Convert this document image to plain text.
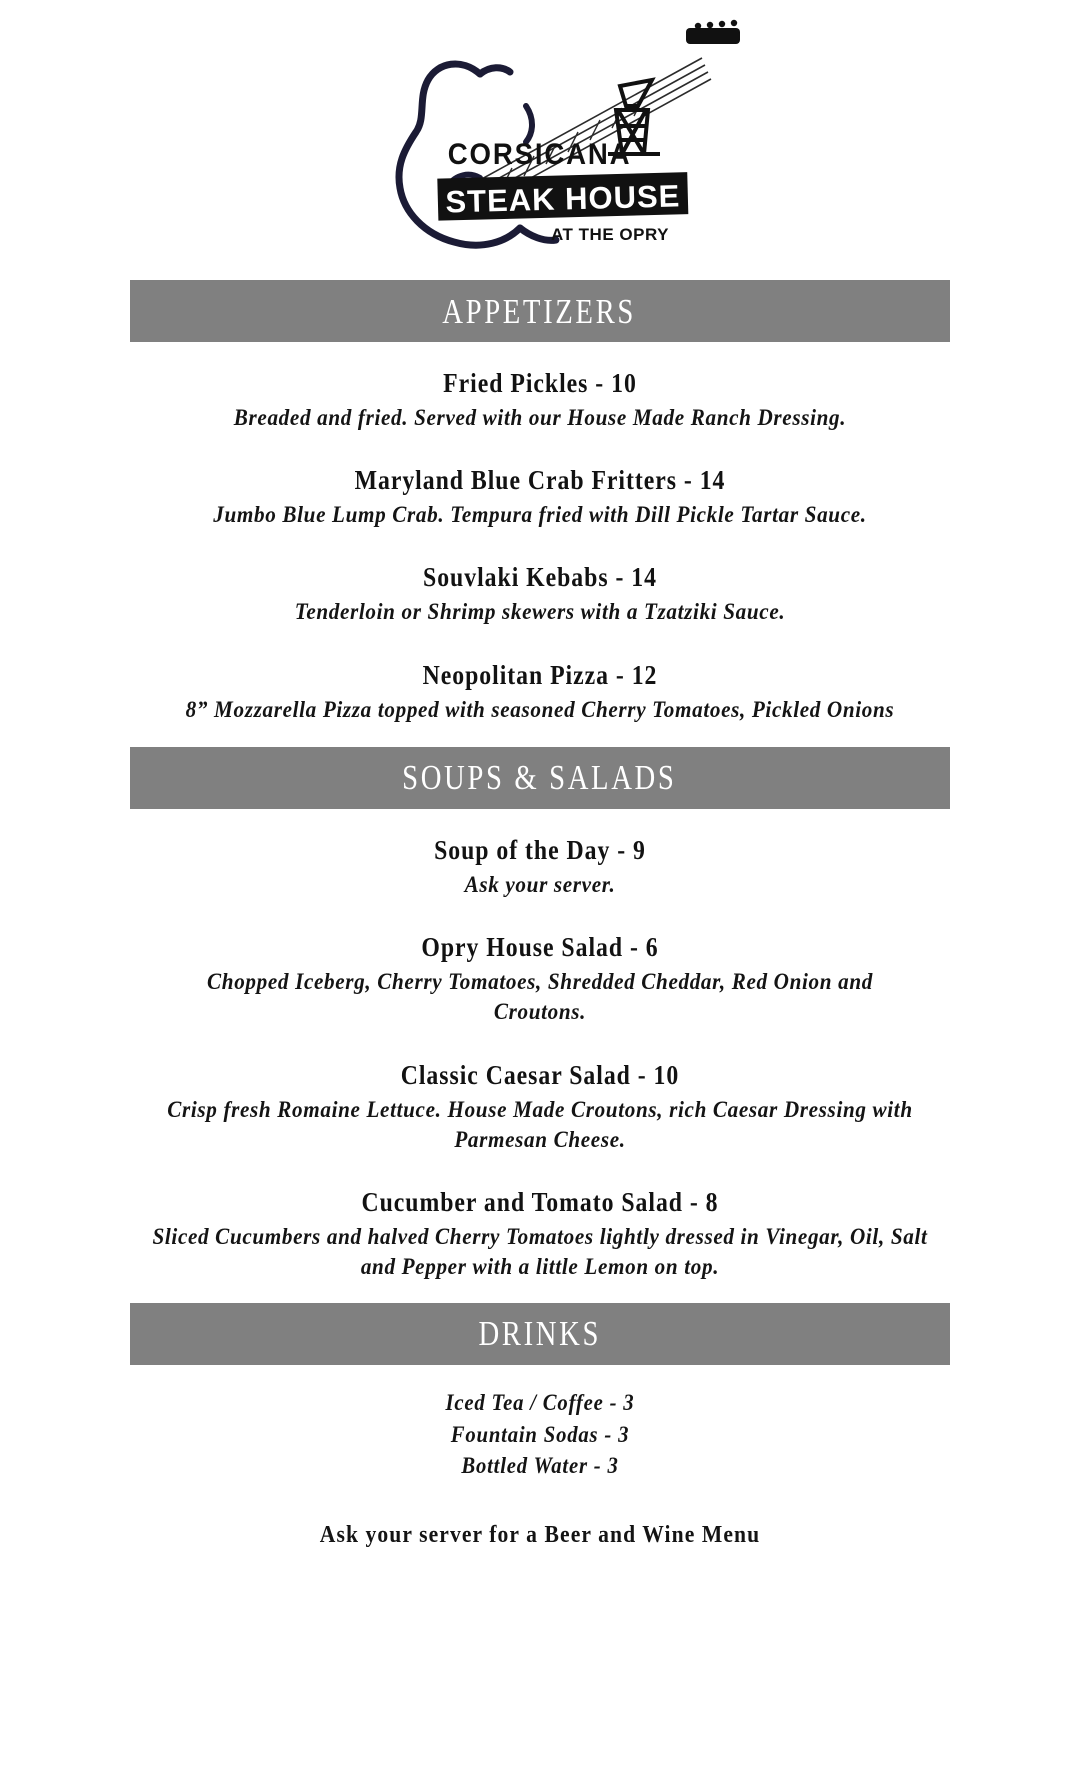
CORSICANA
STEAK HOUSE
AT THE OPRY
APPETIZERS
Fried Pickles - 10
Breaded and fried. Served with our House Made Ranch Dressing.
Maryland Blue Crab Fritters - 14
Jumbo Blue Lump Crab. Tempura fried with Dill Pickle Tartar Sauce.
Souvlaki Kebabs - 14
Tenderloin or Shrimp skewers with a Tzatziki Sauce.
Neopolitan Pizza - 12
8” Mozzarella Pizza topped with seasoned Cherry Tomatoes, Pickled Onions
SOUPS & SALADS
Soup of the Day - 9
Ask your server.
Opry House Salad - 6
Chopped Iceberg, Cherry Tomatoes, Shredded Cheddar, Red Onion and Croutons.
Classic Caesar Salad - 10
Crisp fresh Romaine Lettuce. House Made Croutons, rich Caesar Dressing with Parmesan Cheese.
Cucumber and Tomato Salad - 8
Sliced Cucumbers and halved Cherry Tomatoes lightly dressed in Vinegar, Oil, Salt and Pepper with a little Lemon on top.
DRINKS
Iced Tea / Coffee - 3
Fountain Sodas - 3
Bottled Water - 3
Ask your server for a Beer and Wine Menu
